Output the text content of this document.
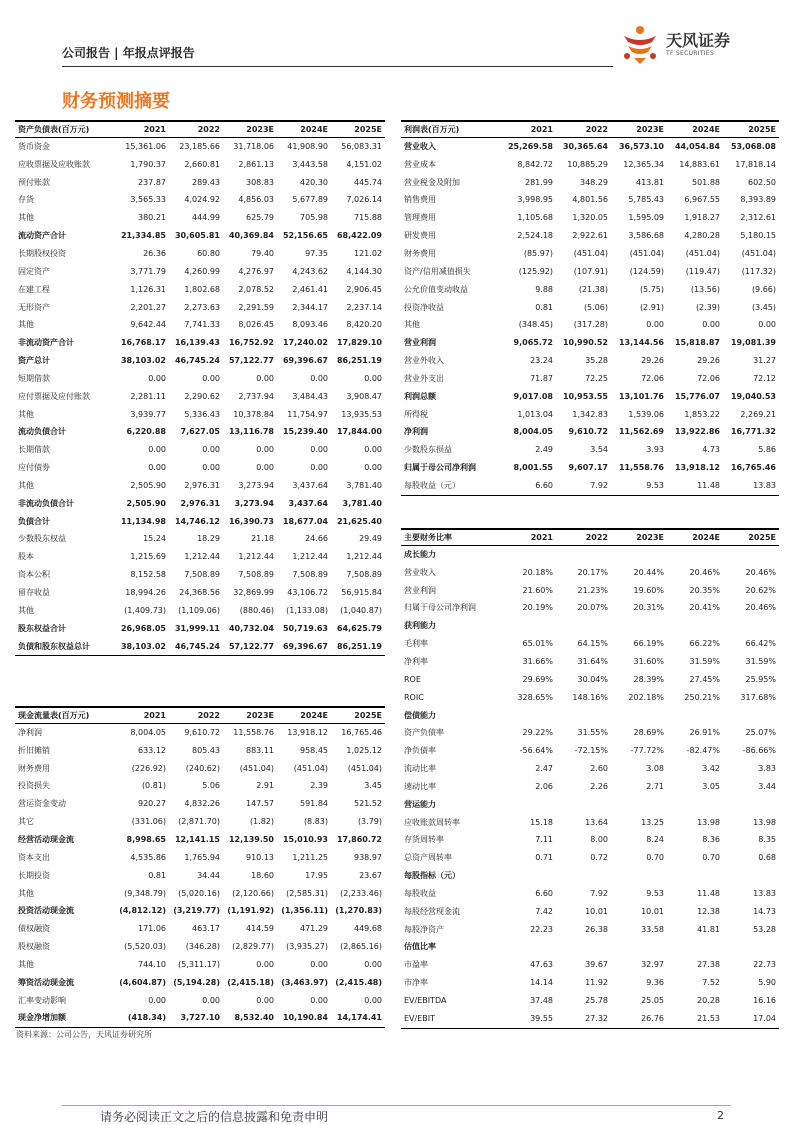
公司报告 | 年报点评报告
天风证券
TF SECURITIES
财务预测摘要
资产负债表(百万元)	2021	2022	2023E	2024E	2025E
货币资金	15,361.06	23,185.66	31,718.06	41,908.90	56,083.31
应收票据及应收账款	1,790.37	2,660.81	2,861.13	3,443.58	4,151.02
预付账款	237.87	289.43	308.83	420.30	445.74
存货	3,565.33	4,024.92	4,856.03	5,677.89	7,026.14
其他	380.21	444.99	625.79	705.98	715.88
流动资产合计	21,334.85	30,605.81	40,369.84	52,156.65	68,422.09
长期股权投资	26.36	60.80	79.40	97.35	121.02
固定资产	3,771.79	4,260.99	4,276.97	4,243.62	4,144.30
在建工程	1,126.31	1,802.68	2,078.52	2,461.41	2,906.45
无形资产	2,201.27	2,273.63	2,291.59	2,344.17	2,237.14
其他	9,642.44	7,741.33	8,026.45	8,093.46	8,420.20
非流动资产合计	16,768.17	16,139.43	16,752.92	17,240.02	17,829.10
资产总计	38,103.02	46,745.24	57,122.77	69,396.67	86,251.19
短期借款	0.00	0.00	0.00	0.00	0.00
应付票据及应付账款	2,281.11	2,290.62	2,737.94	3,484.43	3,908.47
其他	3,939.77	5,336.43	10,378.84	11,754.97	13,935.53
流动负债合计	6,220.88	7,627.05	13,116.78	15,239.40	17,844.00
长期借款	0.00	0.00	0.00	0.00	0.00
应付债券	0.00	0.00	0.00	0.00	0.00
其他	2,505.90	2,976.31	3,273.94	3,437.64	3,781.40
非流动负债合计	2,505.90	2,976.31	3,273.94	3,437.64	3,781.40
负债合计	11,134.98	14,746.12	16,390.73	18,677.04	21,625.40
少数股东权益	15.24	18.29	21.18	24.66	29.49
股本	1,215.69	1,212.44	1,212.44	1,212.44	1,212.44
资本公积	8,152.58	7,508.89	7,508.89	7,508.89	7,508.89
留存收益	18,994.26	24,368.56	32,869.99	43,106.72	56,915.84
其他	(1,409.73)	(1,109.06)	(880.46)	(1,133.08)	(1,040.87)
股东权益合计	26,968.05	31,999.11	40,732.04	50,719.63	64,625.79
负债和股东权益总计	38,103.02	46,745.24	57,122.77	69,396.67	86,251.19
利润表(百万元)	2021	2022	2023E	2024E	2025E
营业收入	25,269.58	30,365.64	36,573.10	44,054.84	53,068.08
营业成本	8,842.72	10,885.29	12,365.34	14,883.61	17,818.14
营业税金及附加	281.99	348.29	413.81	501.88	602.50
销售费用	3,998.95	4,801.56	5,785.43	6,967.55	8,393.89
管理费用	1,105.68	1,320.05	1,595.09	1,918.27	2,312.61
研发费用	2,524.18	2,922.61	3,586.68	4,280.28	5,180.15
财务费用	(85.97)	(451.04)	(451.04)	(451.04)	(451.04)
资产/信用减值损失	(125.92)	(107.91)	(124.59)	(119.47)	(117.32)
公允价值变动收益	9.88	(21.38)	(5.75)	(13.56)	(9.66)
投资净收益	0.81	(5.06)	(2.91)	(2.39)	(3.45)
其他	(348.45)	(317.28)	0.00	0.00	0.00
营业利润	9,065.72	10,990.52	13,144.56	15,818.87	19,081.39
营业外收入	23.24	35.28	29.26	29.26	31.27
营业外支出	71.87	72.25	72.06	72.06	72.12
利润总额	9,017.08	10,953.55	13,101.76	15,776.07	19,040.53
所得税	1,013.04	1,342.83	1,539.06	1,853.22	2,269.21
净利润	8,004.05	9,610.72	11,562.69	13,922.86	16,771.32
少数股东损益	2.49	3.54	3.93	4.73	5.86
归属于母公司净利润	8,001.55	9,607.17	11,558.76	13,918.12	16,765.46
每股收益（元）	6.60	7.92	9.53	11.48	13.83
主要财务比率	2021	2022	2023E	2024E	2025E
成长能力					
营业收入	20.18%	20.17%	20.44%	20.46%	20.46%
营业利润	21.60%	21.23%	19.60%	20.35%	20.62%
归属于母公司净利润	20.19%	20.07%	20.31%	20.41%	20.46%
获利能力					
毛利率	65.01%	64.15%	66.19%	66.22%	66.42%
净利率	31.66%	31.64%	31.60%	31.59%	31.59%
ROE	29.69%	30.04%	28.39%	27.45%	25.95%
ROIC	328.65%	148.16%	202.18%	250.21%	317.68%
偿债能力					
资产负债率	29.22%	31.55%	28.69%	26.91%	25.07%
净负债率	-56.64%	-72.15%	-77.72%	-82.47%	-86.66%
流动比率	2.47	2.60	3.08	3.42	3.83
速动比率	2.06	2.26	2.71	3.05	3.44
营运能力					
应收账款周转率	15.18	13.64	13.25	13.98	13.98
存货周转率	7.11	8.00	8.24	8.36	8.35
总资产周转率	0.71	0.72	0.70	0.70	0.68
每股指标（元）					
每股收益	6.60	7.92	9.53	11.48	13.83
每股经营现金流	7.42	10.01	10.01	12.38	14.73
每股净资产	22.23	26.38	33.58	41.81	53.28
估值比率					
市盈率	47.63	39.67	32.97	27.38	22.73
市净率	14.14	11.92	9.36	7.52	5.90
EV/EBITDA	37.48	25.78	25.05	20.28	16.16
EV/EBIT	39.55	27.32	26.76	21.53	17.04
现金流量表(百万元)	2021	2022	2023E	2024E	2025E
净利润	8,004.05	9,610.72	11,558.76	13,918.12	16,765.46
折旧摊销	633.12	805.43	883.11	958.45	1,025.12
财务费用	(226.92)	(240.62)	(451.04)	(451.04)	(451.04)
投资损失	(0.81)	5.06	2.91	2.39	3.45
营运资金变动	920.27	4,832.26	147.57	591.84	521.52
其它	(331.06)	(2,871.70)	(1.82)	(8.83)	(3.79)
经营活动现金流	8,998.65	12,141.15	12,139.50	15,010.93	17,860.72
资本支出	4,535.86	1,765.94	910.13	1,211.25	938.97
长期投资	0.81	34.44	18.60	17.95	23.67
其他	(9,348.79)	(5,020.16)	(2,120.66)	(2,585.31)	(2,233.46)
投资活动现金流	(4,812.12)	(3,219.77)	(1,191.92)	(1,356.11)	(1,270.83)
债权融资	171.06	463.17	414.59	471.29	449.68
股权融资	(5,520.03)	(346.28)	(2,829.77)	(3,935.27)	(2,865.16)
其他	744.10	(5,311.17)	0.00	0.00	0.00
筹资活动现金流	(4,604.87)	(5,194.28)	(2,415.18)	(3,463.97)	(2,415.48)
汇率变动影响	0.00	0.00	0.00	0.00	0.00
现金净增加额	(418.34)	3,727.10	8,532.40	10,190.84	14,174.41
资料来源：公司公告，天风证券研究所
请务必阅读正文之后的信息披露和免责申明	2
